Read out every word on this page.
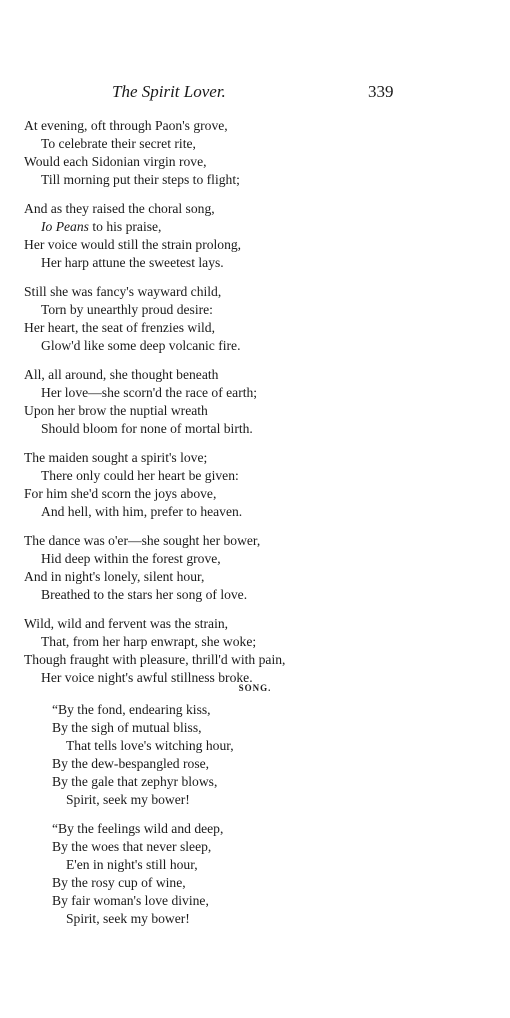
The Spirit Lover.	339
At evening, oft through Paon's grove,
To celebrate their secret rite,
Would each Sidonian virgin rove,
Till morning put their steps to flight;
And as they raised the choral song,
Io Peans to his praise,
Her voice would still the strain prolong,
Her harp attune the sweetest lays.
Still she was fancy's wayward child,
Torn by unearthly proud desire:
Her heart, the seat of frenzies wild,
Glow'd like some deep volcanic fire.
All, all around, she thought beneath
Her love—she scorn'd the race of earth;
Upon her brow the nuptial wreath
Should bloom for none of mortal birth.
The maiden sought a spirit's love;
There only could her heart be given:
For him she'd scorn the joys above,
And hell, with him, prefer to heaven.
The dance was o'er—she sought her bower,
Hid deep within the forest grove,
And in night's lonely, silent hour,
Breathed to the stars her song of love.
Wild, wild and fervent was the strain,
That, from her harp enwrapt, she woke;
Though fraught with pleasure, thrill'd with pain,
Her voice night's awful stillness broke.
SONG.
“By the fond, endearing kiss,
By the sigh of mutual bliss,
That tells love's witching hour,
By the dew-bespangled rose,
By the gale that zephyr blows,
Spirit, seek my bower!
“By the feelings wild and deep,
By the woes that never sleep,
E'en in night's still hour,
By the rosy cup of wine,
By fair woman's love divine,
Spirit, seek my bower!
